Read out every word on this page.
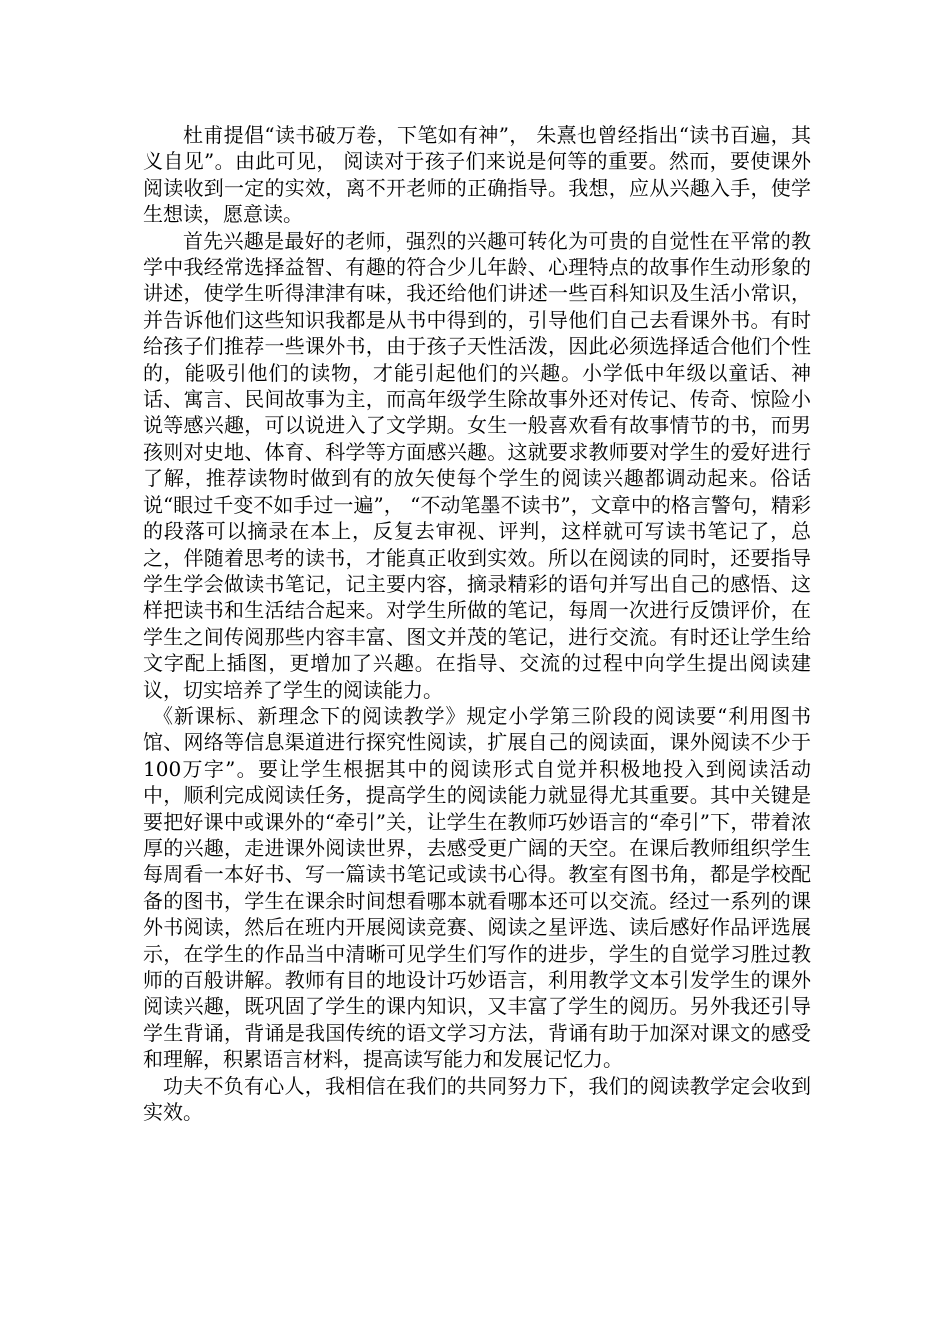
杜甫提倡“读书破万卷，下笔如有神”， 朱熹也曾经指出“读书百遍，其义自见”。由此可见， 阅读对于孩子们来说是何等的重要。然而，要使课外阅读收到一定的实效，离不开老师的正确指导。我想，应从兴趣入手，使学生想读，愿意读。

首先兴趣是最好的老师，强烈的兴趣可转化为可贵的自觉性在平常的教学中我经常选择益智、有趣的符合少儿年龄、心理特点的故事作生动形象的讲述，使学生听得津津有味，我还给他们讲述一些百科知识及生活小常识，并告诉他们这些知识我都是从书中得到的，引导他们自己去看课外书。有时给孩子们推荐一些课外书，由于孩子天性活泼，因此必须选择适合他们个性的，能吸引他们的读物，才能引起他们的兴趣。小学低中年级以童话、神话、寓言、民间故事为主，而高年级学生除故事外还对传记、传奇、惊险小说等感兴趣，可以说进入了文学期。女生一般喜欢看有故事情节的书，而男孩则对史地、体育、科学等方面感兴趣。这就要求教师要对学生的爱好进行了解，推荐读物时做到有的放矢使每个学生的阅读兴趣都调动起来。俗话说“眼过千变不如手过一遍”， “不动笔墨不读书”，文章中的格言警句，精彩的段落可以摘录在本上，反复去审视、评判，这样就可写读书笔记了，总之，伴随着思考的读书，才能真正收到实效。所以在阅读的同时，还要指导学生学会做读书笔记，记主要内容，摘录精彩的语句并写出自己的感悟、这样把读书和生活结合起来。对学生所做的笔记，每周一次进行反馈评价，在学生之间传阅那些内容丰富、图文并茂的笔记，进行交流。有时还让学生给文字配上插图，更增加了兴趣。在指导、交流的过程中向学生提出阅读建议，切实培养了学生的阅读能力。

《新课标、新理念下的阅读教学》规定小学第三阶段的阅读要“利用图书馆、网络等信息渠道进行探究性阅读，扩展自己的阅读面，课外阅读不少于100万字”。要让学生根据其中的阅读形式自觉并积极地投入到阅读活动中，顺利完成阅读任务，提高学生的阅读能力就显得尤其重要。其中关键是要把好课中或课外的“牵引”关，让学生在教师巧妙语言的“牵引”下，带着浓厚的兴趣，走进课外阅读世界，去感受更广阔的天空。在课后教师组织学生每周看一本好书、写一篇读书笔记或读书心得。教室有图书角，都是学校配备的图书，学生在课余时间想看哪本就看哪本还可以交流。经过一系列的课外书阅读，然后在班内开展阅读竞赛、阅读之星评选、读后感好作品评选展示，在学生的作品当中清晰可见学生们写作的进步，学生的自觉学习胜过教师的百般讲解。教师有目的地设计巧妙语言，利用教学文本引发学生的课外阅读兴趣，既巩固了学生的课内知识，又丰富了学生的阅历。另外我还引导学生背诵，背诵是我国传统的语文学习方法，背诵有助于加深对课文的感受和理解，积累语言材料，提高读写能力和发展记忆力。

功夫不负有心人，我相信在我们的共同努力下，我们的阅读教学定会收到实效。
